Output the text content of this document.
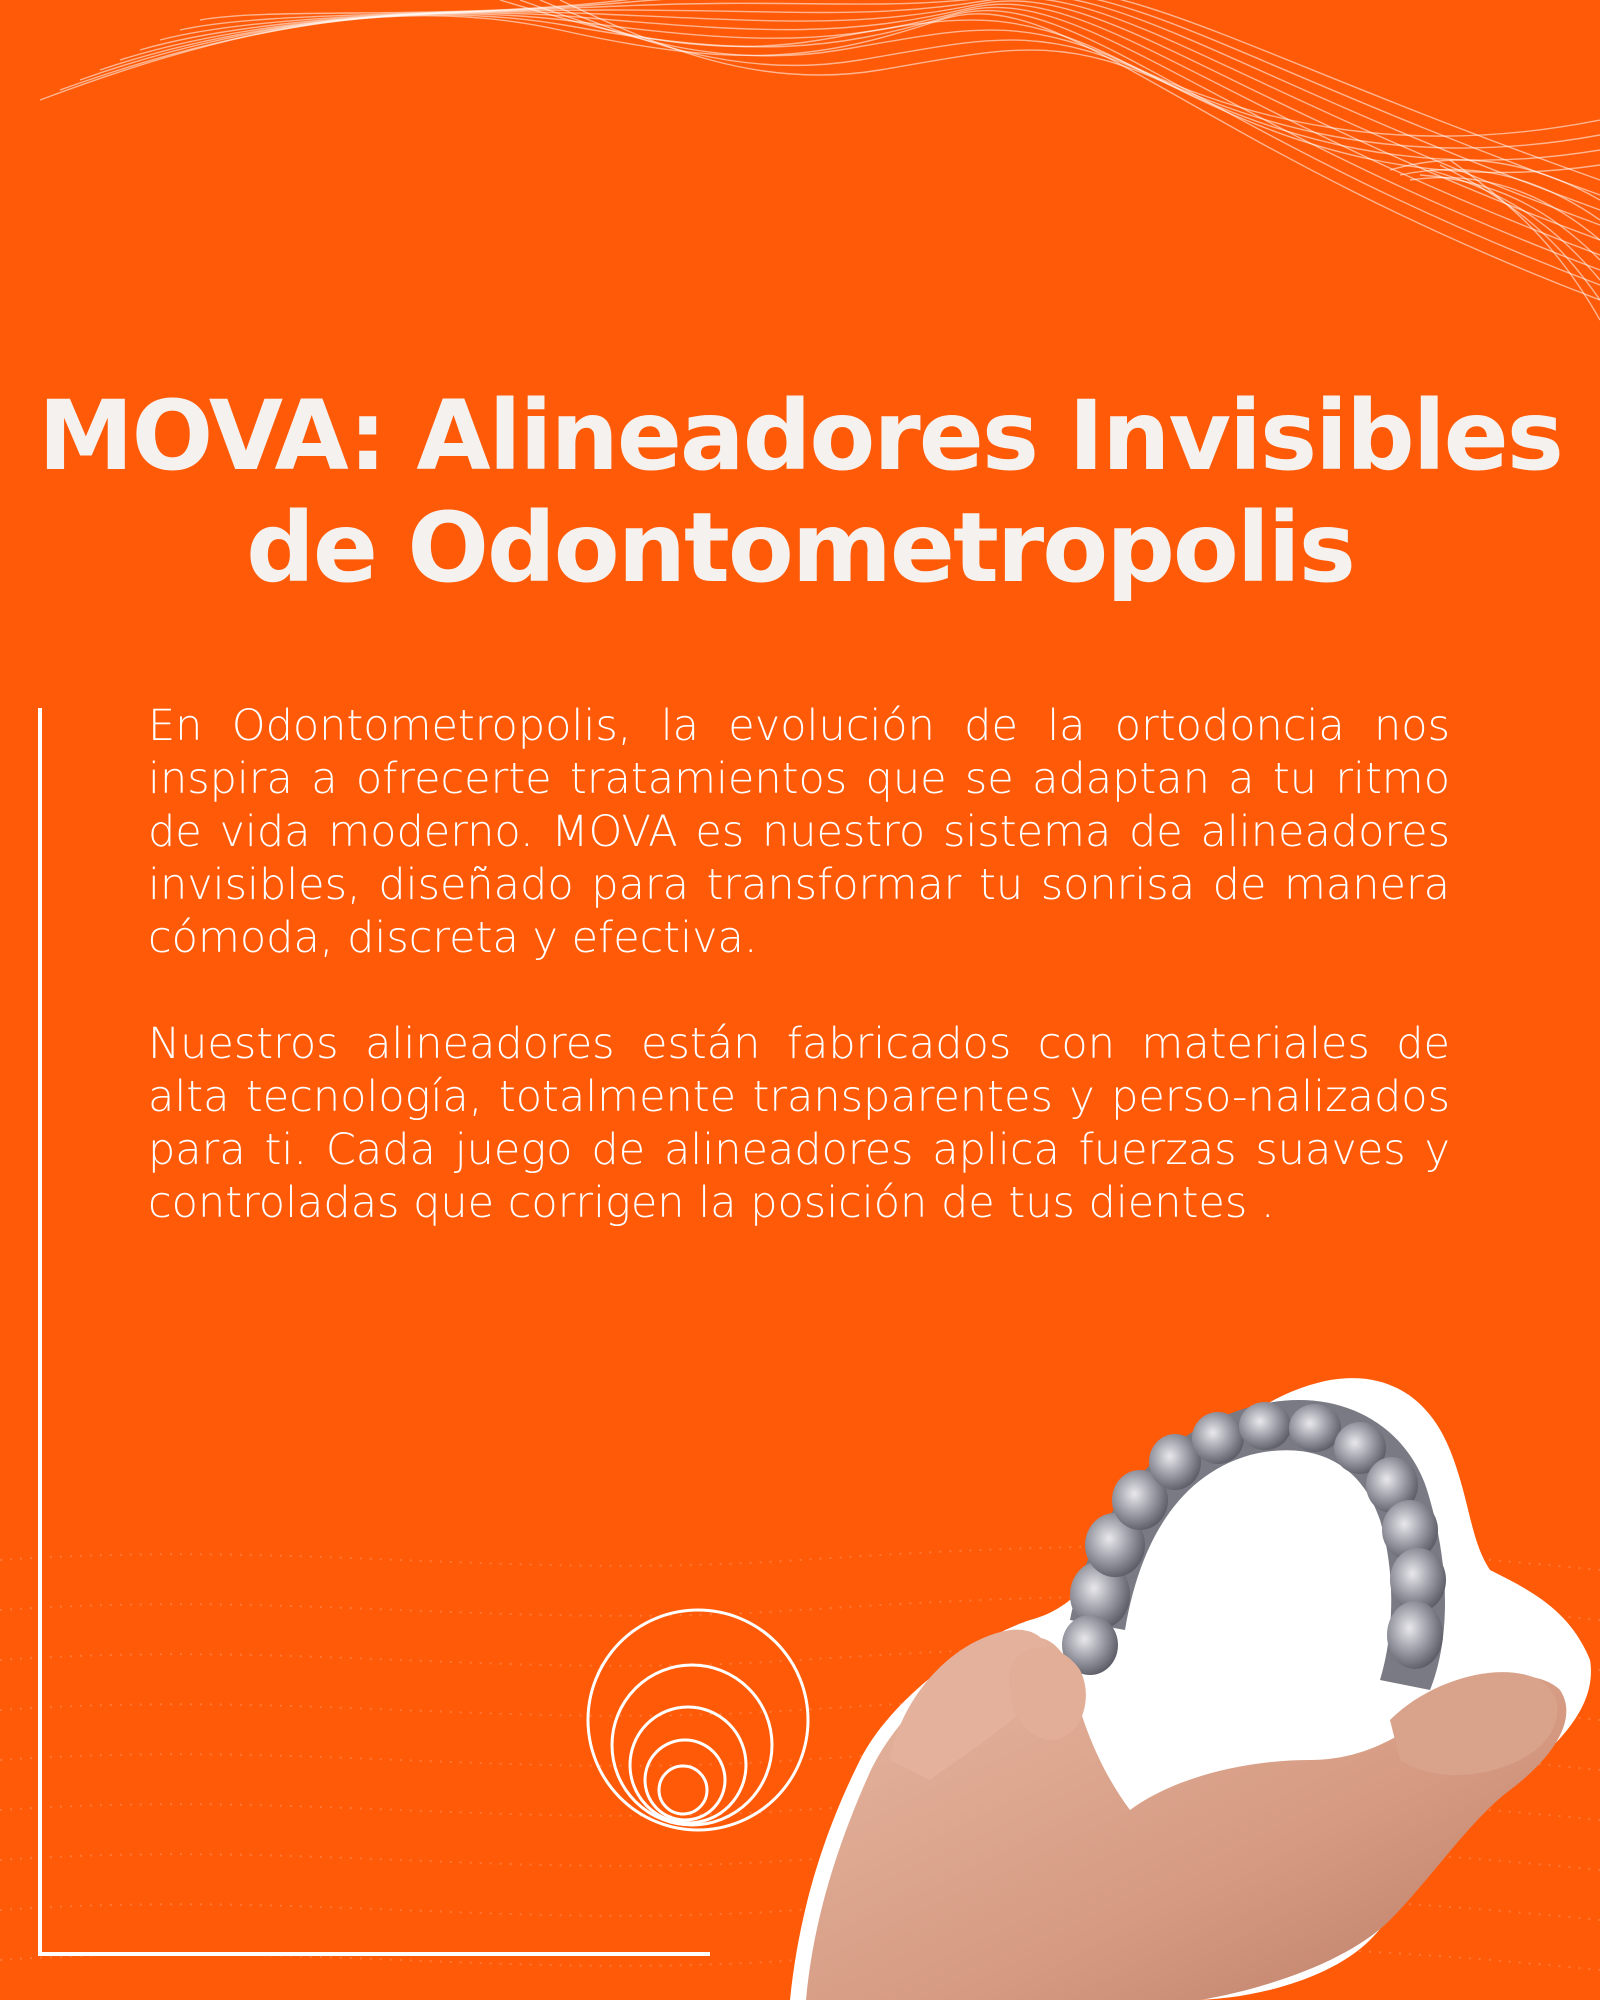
MOVA: Alineadores Invisibles
de Odontometropolis

En Odontometropolis, la evolución de la ortodoncia nos inspira a ofrecerte tratamientos que se adaptan a tu ritmo de vida moderno. MOVA es nuestro sistema de alineadores invisibles, diseñado para transformar tu sonrisa de manera cómoda, discreta y efectiva.

Nuestros alineadores están fabricados con materiales de alta tecnología, totalmente transparentes y perso-nalizados para ti. Cada juego de alineadores aplica fuerzas suaves y controladas que corrigen la posición de tus dientes .
